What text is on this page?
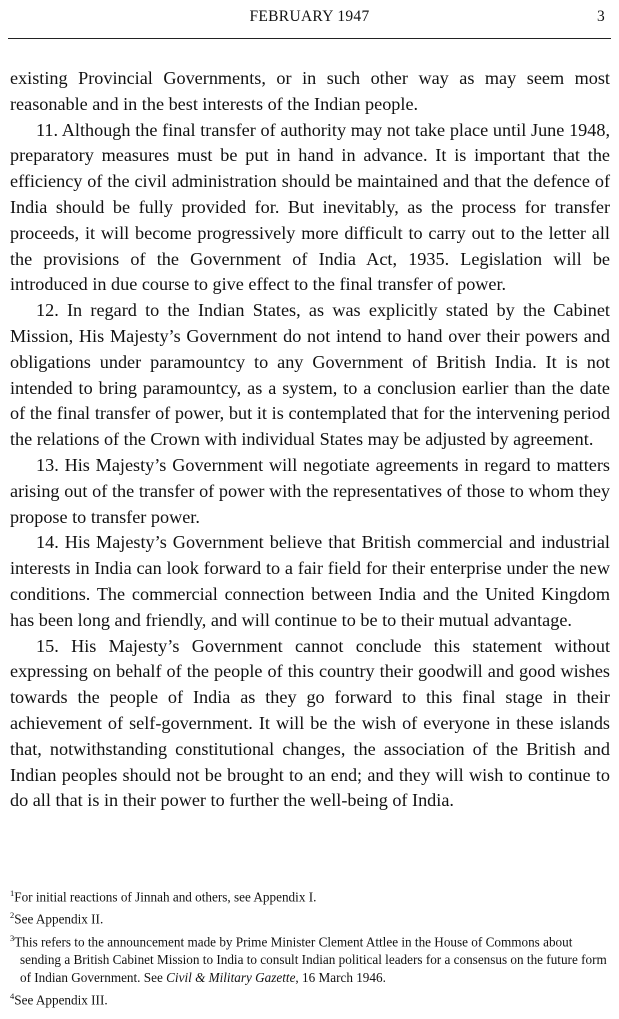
FEBRUARY 1947	3

existing Provincial Governments, or in such other way as may seem most reasonable and in the best interests of the Indian people.

11. Although the final transfer of authority may not take place until June 1948, preparatory measures must be put in hand in advance. It is important that the efficiency of the civil administration should be maintained and that the defence of India should be fully provided for. But inevitably, as the process for transfer proceeds, it will become progressively more difficult to carry out to the letter all the provisions of the Government of India Act, 1935. Legislation will be introduced in due course to give effect to the final transfer of power.

12. In regard to the Indian States, as was explicitly stated by the Cabinet Mission, His Majesty’s Government do not intend to hand over their powers and obligations under paramountcy to any Government of British India. It is not intended to bring paramountcy, as a system, to a conclusion earlier than the date of the final transfer of power, but it is contemplated that for the intervening period the relations of the Crown with individual States may be adjusted by agreement.

13. His Majesty’s Government will negotiate agreements in regard to matters arising out of the transfer of power with the representatives of those to whom they propose to transfer power.

14. His Majesty’s Government believe that British commercial and industrial interests in India can look forward to a fair field for their enterprise under the new conditions. The commercial connection between India and the United Kingdom has been long and friendly, and will continue to be to their mutual advantage.

15. His Majesty’s Government cannot conclude this statement without expressing on behalf of the people of this country their goodwill and good wishes towards the people of India as they go forward to this final stage in their achievement of self-government. It will be the wish of everyone in these islands that, notwithstanding constitutional changes, the association of the British and Indian peoples should not be brought to an end; and they will wish to continue to do all that is in their power to further the well-being of India.

$^1$For initial reactions of Jinnah and others, see Appendix I.

$^2$See Appendix II.

$^3$This refers to the announcement made by Prime Minister Clement Attlee in the House of Commons about sending a British Cabinet Mission to India to consult Indian political leaders for a consensus on the future form of Indian Government. See Civil & Military Gazette, 16 March 1946.

$^4$See Appendix III.
